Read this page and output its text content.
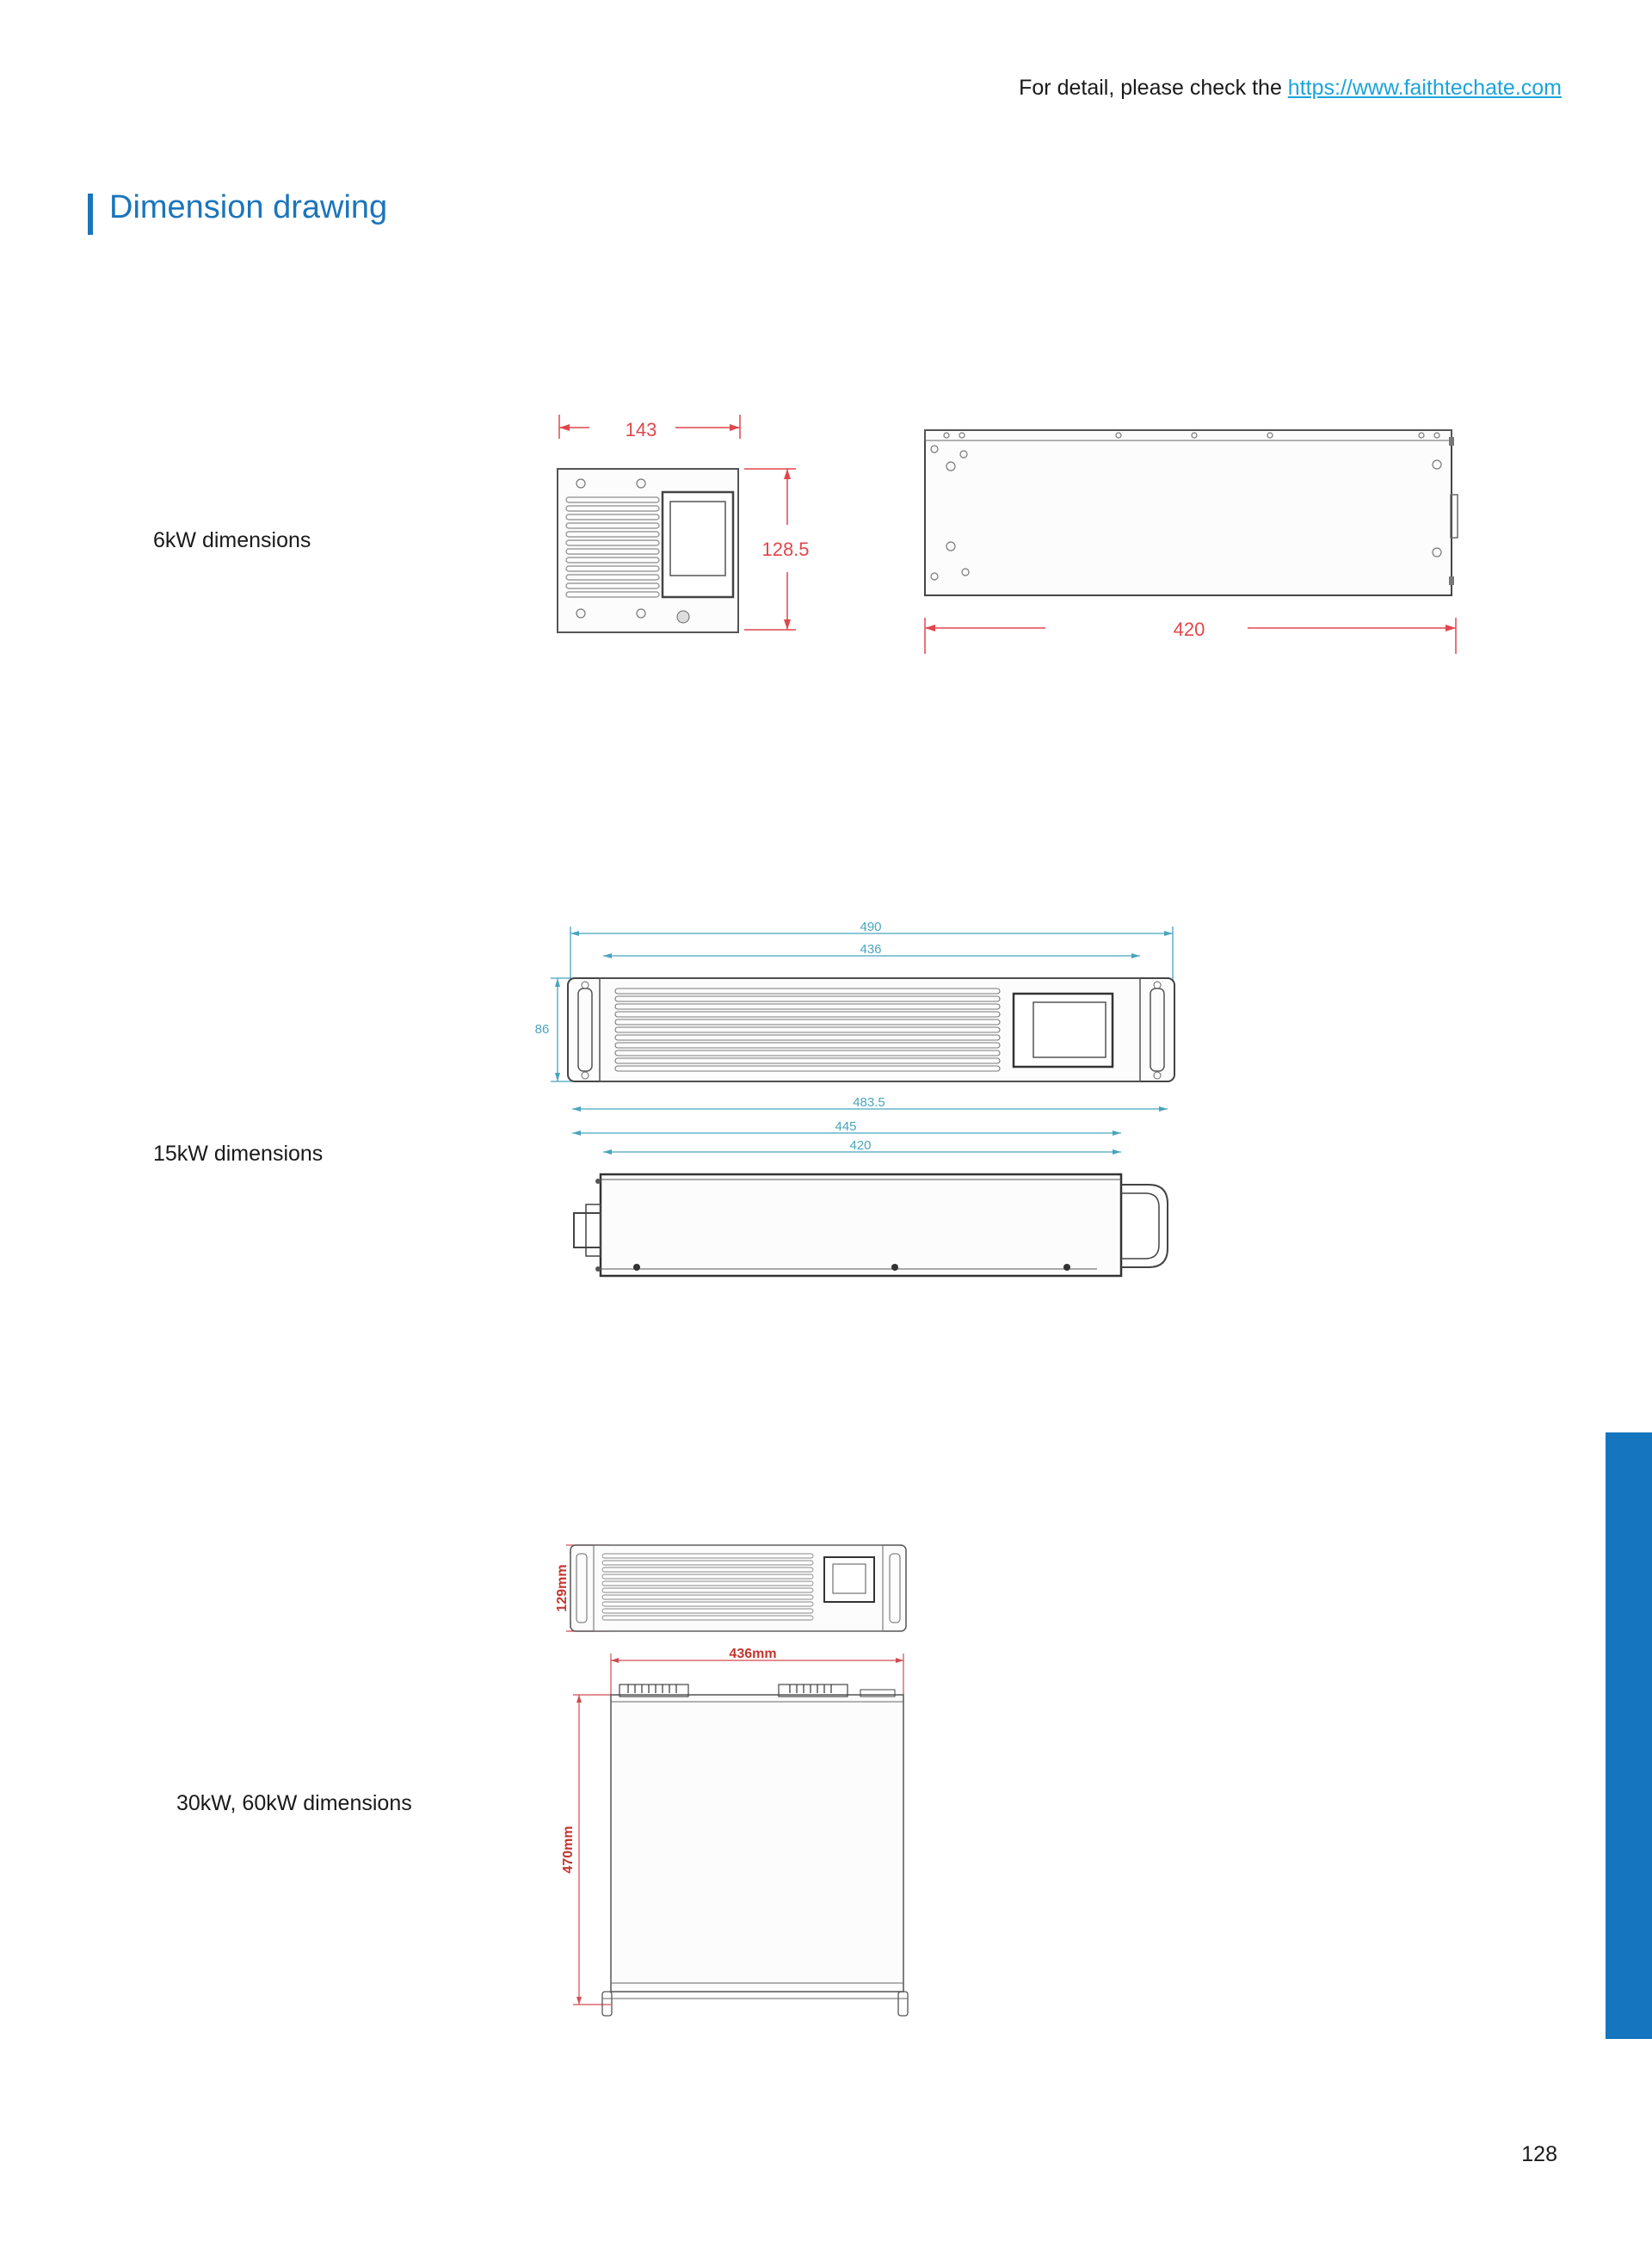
For detail, please check the https://www.faithtechate.com
Dimension drawing
6kW dimensions
143
128.5
420
15kW dimensions
490
436
86
483.5
445
420
30kW, 60kW dimensions
129mm
436mm
470mm
128
